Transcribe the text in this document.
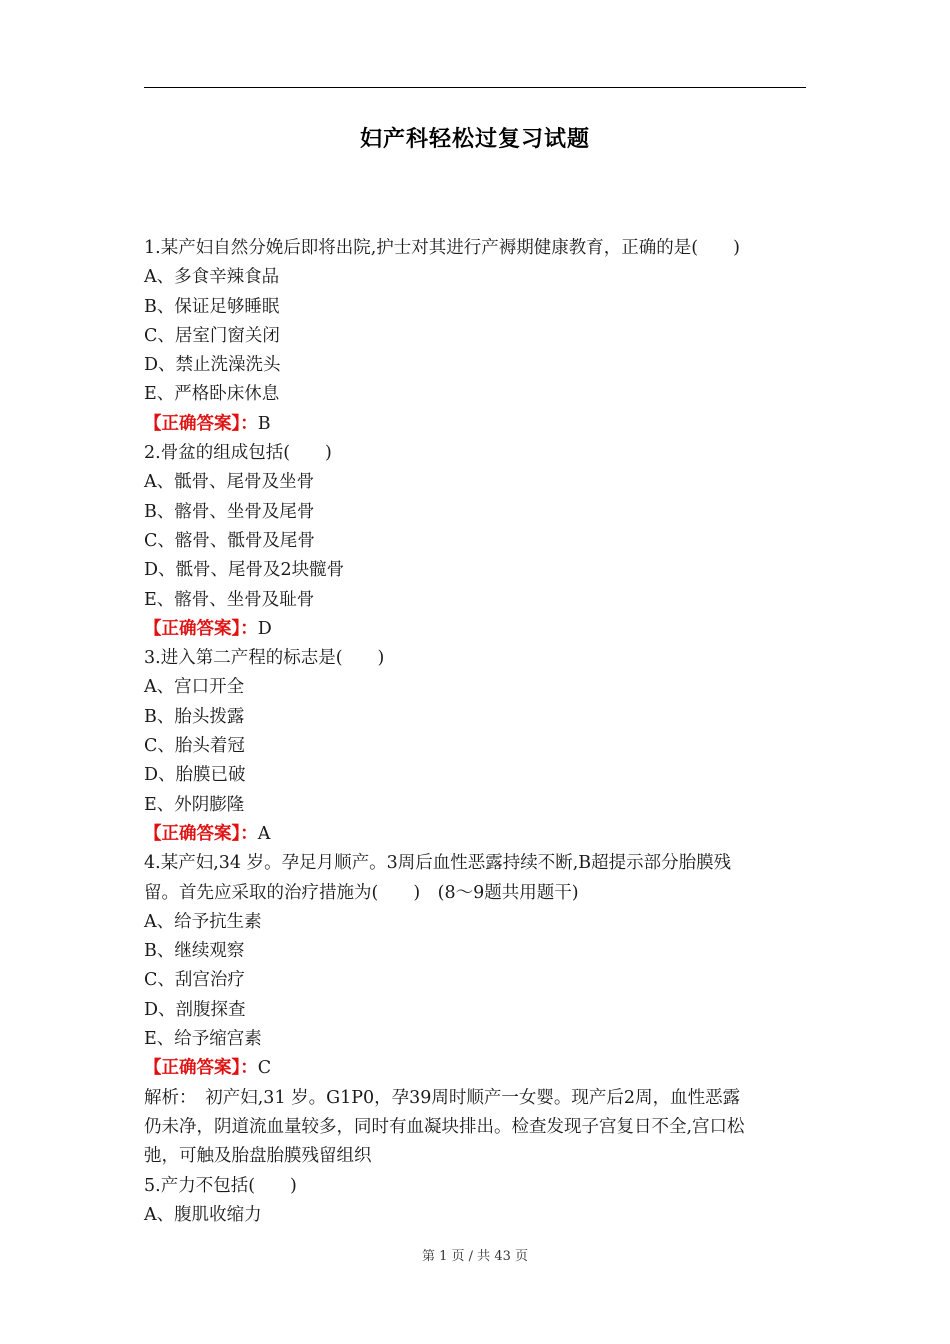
妇产科轻松过复习试题
1.某产妇自然分娩后即将出院,护士对其进行产褥期健康教育，正确的是(　　)
A、多食辛辣食品
B、保证足够睡眠
C、居室门窗关闭
D、禁止洗澡洗头
E、严格卧床休息
【正确答案】：B
2.骨盆的组成包括(　　)
A、骶骨、尾骨及坐骨
B、髂骨、坐骨及尾骨
C、髂骨、骶骨及尾骨
D、骶骨、尾骨及2块髋骨
E、髂骨、坐骨及耻骨
【正确答案】：D
3.进入第二产程的标志是(　　)
A、宫口开全
B、胎头拨露
C、胎头着冠
D、胎膜已破
E、外阴膨隆
【正确答案】：A
4.某产妇,34 岁。孕足月顺产。3周后血性恶露持续不断,B超提示部分胎膜残
留。首先应采取的治疗措施为(　　)　(8～9题共用题干)
A、给予抗生素
B、继续观察
C、刮宫治疗
D、剖腹探查
E、给予缩宫素
【正确答案】：C
解析：　初产妇,31 岁。G1P0，孕39周时顺产一女婴。现产后2周，血性恶露
仍未净，阴道流血量较多，同时有血凝块排出。检查发现子宫复日不全,宫口松
弛，可触及胎盘胎膜残留组织
5.产力不包括(　　)
A、腹肌收缩力
第 1 页 / 共 43 页
